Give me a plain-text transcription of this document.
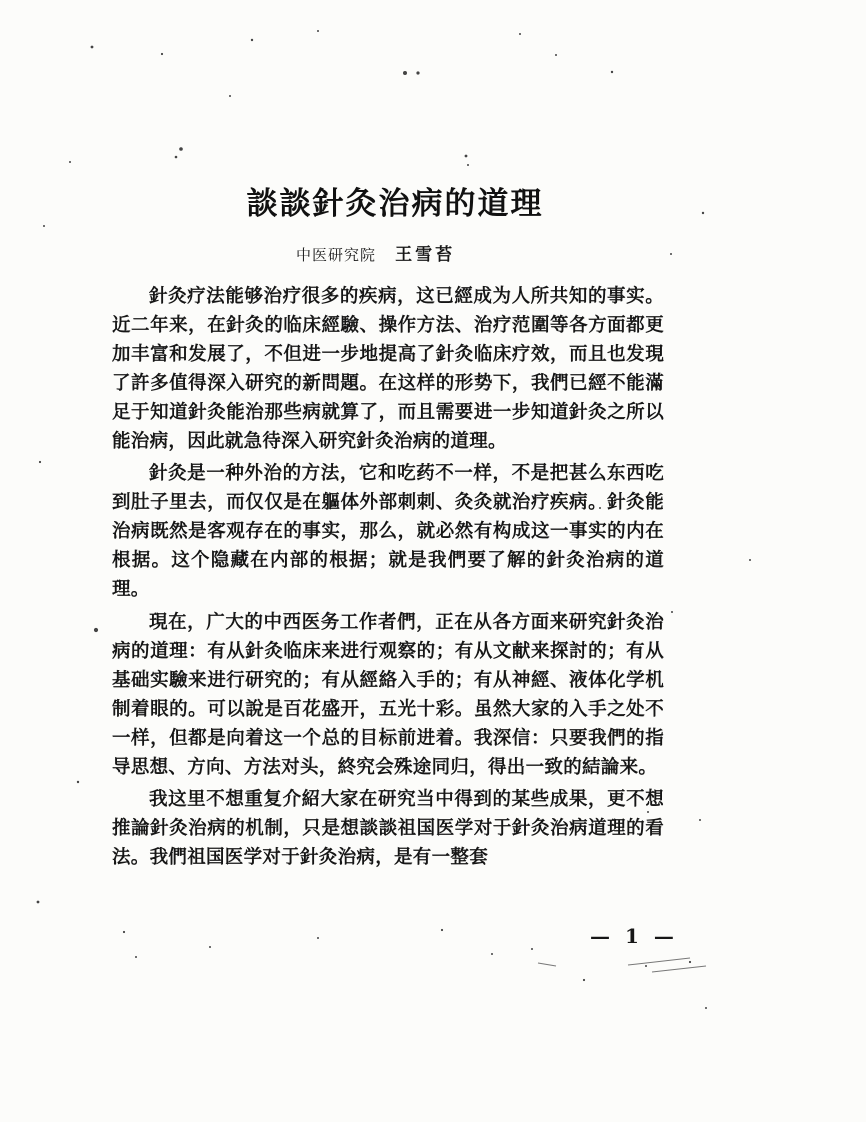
談談針灸治病的道理
中医研究院 王雪苔

針灸疗法能够治疗很多的疾病，这已經成为人所共知的事实。近二年来，在針灸的临床經驗、操作方法、治疗范圍等各方面都更加丰富和发展了，不但进一步地提高了針灸临床疗效，而且也发現了許多值得深入研究的新問題。在这样的形势下，我們已經不能滿足于知道針灸能治那些病就算了，而且需要进一步知道針灸之所以能治病，因此就急待深入研究針灸治病的道理。

針灸是一种外治的方法，它和吃药不一样，不是把甚么东西吃到肚子里去，而仅仅是在軀体外部刺刺、灸灸就治疗疾病。針灸能治病既然是客观存在的事实，那么，就必然有构成这一事实的内在根据。这个隐藏在内部的根据；就是我們要了解的針灸治病的道理。

現在，广大的中西医务工作者們，正在从各方面来研究針灸治病的道理：有从針灸临床来进行观察的；有从文献来探討的；有从基础实驗来进行研究的；有从經絡入手的；有从神經、液体化学机制着眼的。可以說是百花盛开，五光十彩。虽然大家的入手之处不一样，但都是向着这一个总的目标前进着。我深信：只要我們的指导思想、方向、方法对头，終究会殊途同归，得出一致的結論来。

我这里不想重复介紹大家在研究当中得到的某些成果，更不想推論針灸治病的机制，只是想談談祖国医学对于針灸治病道理的看法。我們祖国医学对于針灸治病，是有一整套

— 1 —
